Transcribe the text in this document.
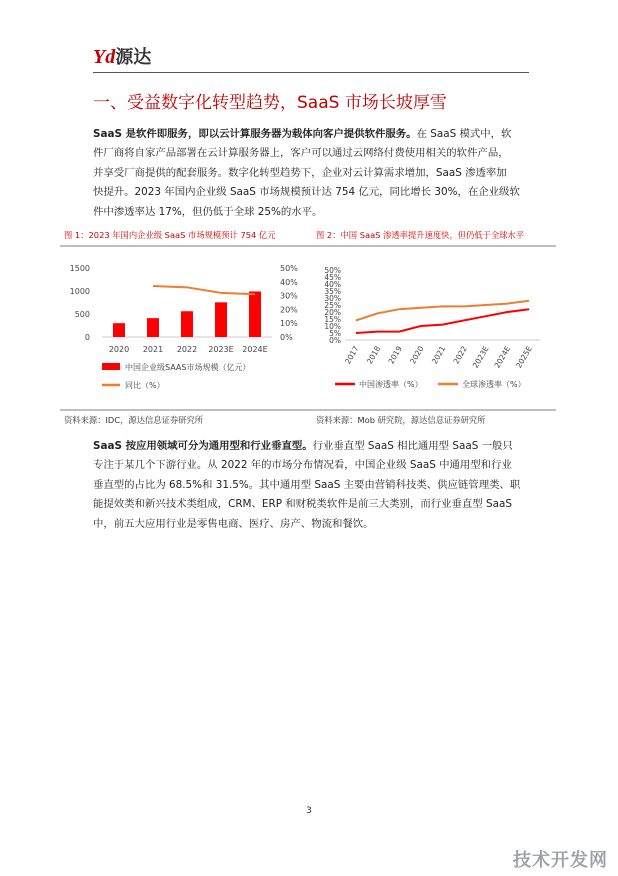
Yd源达
一、受益数字化转型趋势，SaaS 市场长坡厚雪
SaaS 是软件即服务，即以云计算服务器为载体向客户提供软件服务。在 SaaS 模式中，软
件厂商将自家产品部署在云计算服务器上，客户可以通过云网络付费使用相关的软件产品，
并享受厂商提供的配套服务。数字化转型趋势下，企业对云计算需求增加，SaaS 渗透率加
快提升。2023 年国内企业级 SaaS 市场规模预计达 754 亿元，同比增长 30%，在企业级软
件中渗透率达 17%，但仍低于全球 25%的水平。
图 1：2023 年国内企业级 SaaS 市场规模预计 754 亿元	图 2：中国 SaaS 渗透率提升速度快，但仍低于全球水平
0
500
1000
1500
0%
10%
20%
30%
40%
50%
2020 2021 2022 2023E 2024E
中国企业级SAAS市场规模（亿元）
同比（%）
0%
5%
10%
15%
20%
25%
30%
35%
40%
45%
50%
2017 2018 2019 2020 2021 2022 2023E 2024E 2025E
中国渗透率（%）	全球渗透率（%）
资料来源：IDC，源达信息证券研究所	资料来源：Mob 研究院，源达信息证券研究所
SaaS 按应用领域可分为通用型和行业垂直型。行业垂直型 SaaS 相比通用型 SaaS 一般只
专注于某几个下游行业。从 2022 年的市场分布情况看，中国企业级 SaaS 中通用型和行业
垂直型的占比为 68.5%和 31.5%。其中通用型 SaaS 主要由营销科技类、供应链管理类、职
能提效类和新兴技术类组成，CRM、ERP 和财税类软件是前三大类别，而行业垂直型 SaaS
中，前五大应用行业是零售电商、医疗、房产、物流和餐饮。
3
技术开发网
